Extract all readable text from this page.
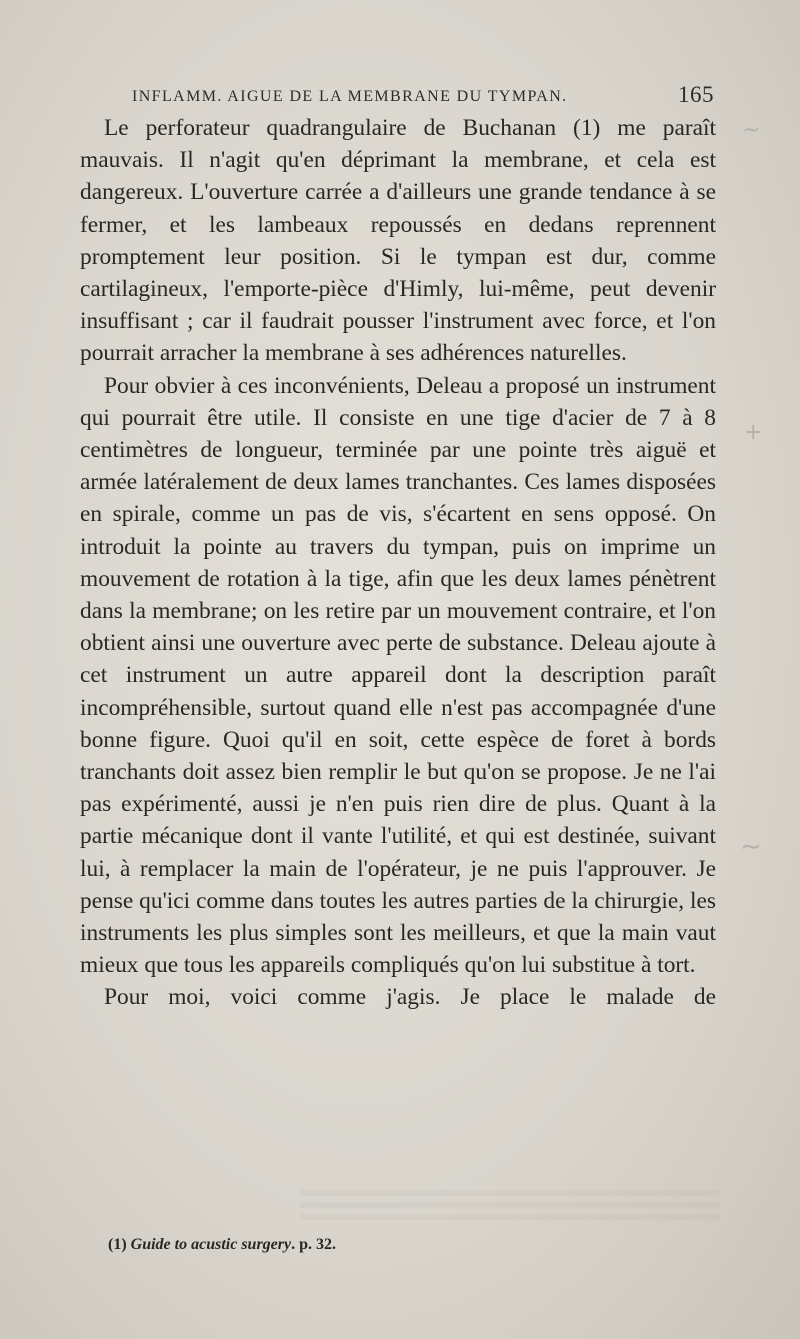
INFLAMM. AIGUE DE LA MEMBRANE DU TYMPAN.	165

Le perforateur quadrangulaire de Buchanan (1) me paraît mauvais. Il n'agit qu'en déprimant la membrane, et cela est dangereux. L'ouverture carrée a d'ailleurs une grande tendance à se fermer, et les lambeaux repoussés en dedans reprennent promptement leur position. Si le tympan est dur, comme cartilagineux, l'emporte-pièce d'Himly, lui-même, peut devenir insuffisant ; car il faudrait pousser l'instrument avec force, et l'on pourrait arracher la membrane à ses adhérences naturelles.

Pour obvier à ces inconvénients, Deleau a proposé un instrument qui pourrait être utile. Il consiste en une tige d'acier de 7 à 8 centimètres de longueur, terminée par une pointe très aiguë et armée latéralement de deux lames tranchantes. Ces lames disposées en spirale, comme un pas de vis, s'écartent en sens opposé. On introduit la pointe au travers du tympan, puis on imprime un mouvement de rotation à la tige, afin que les deux lames pénètrent dans la membrane; on les retire par un mouvement contraire, et l'on obtient ainsi une ouverture avec perte de substance. Deleau ajoute à cet instrument un autre appareil dont la description paraît incompréhensible, surtout quand elle n'est pas accompagnée d'une bonne figure. Quoi qu'il en soit, cette espèce de foret à bords tranchants doit assez bien remplir le but qu'on se propose. Je ne l'ai pas expérimenté, aussi je n'en puis rien dire de plus. Quant à la partie mécanique dont il vante l'utilité, et qui est destinée, suivant lui, à remplacer la main de l'opérateur, je ne puis l'approuver. Je pense qu'ici comme dans toutes les autres parties de la chirurgie, les instruments les plus simples sont les meilleurs, et que la main vaut mieux que tous les appareils compliqués qu'on lui substitue à tort.

Pour moi, voici comme j'agis. Je place le malade de

(1) Guide to acustic surgery. p. 32.
~
+
∼
